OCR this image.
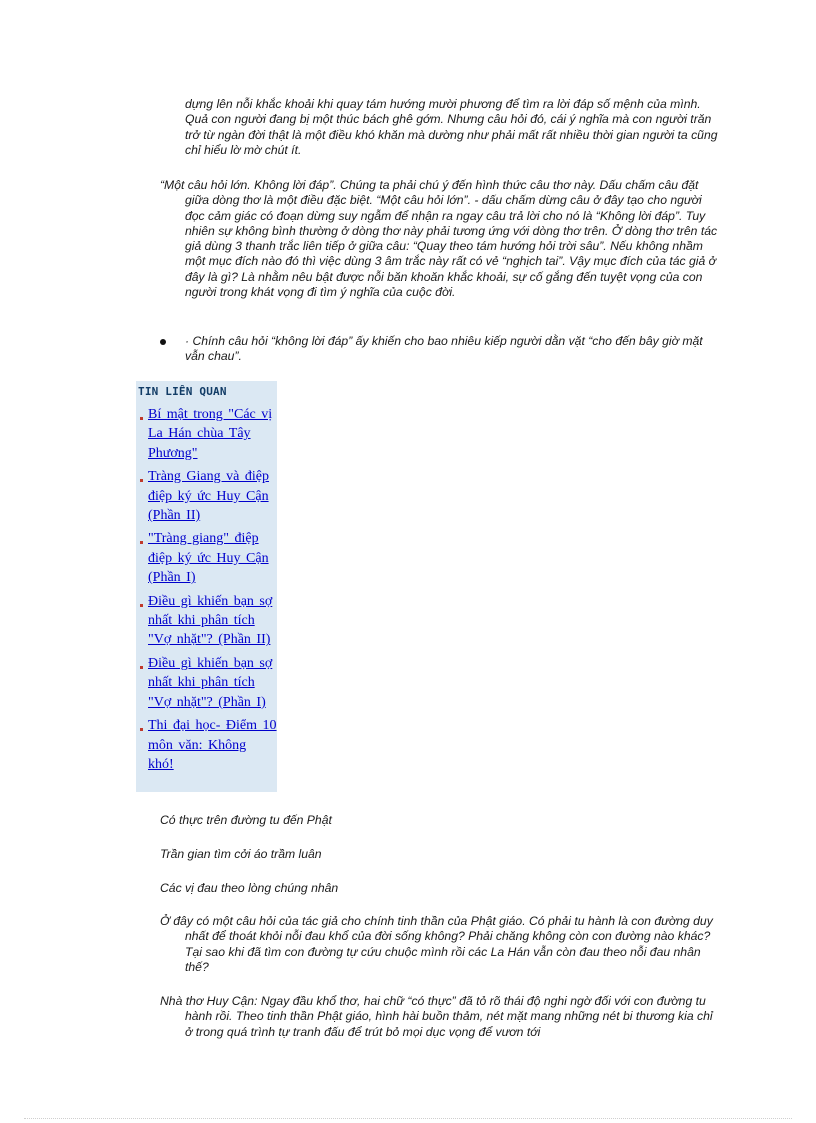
dựng lên nỗi khắc khoải khi quay tám hướng mười phương để tìm ra lời đáp số mệnh của mình. Quả con người đang bị một thúc bách ghê gớm. Nhưng câu hỏi đó, cái ý nghĩa mà con người trăn trở từ ngàn đời thật là một điều khó khăn mà dường như phải mất rất nhiều thời gian người ta cũng chỉ hiểu lờ mờ chút ít.

“Một câu hỏi lớn. Không lời đáp”. Chúng ta phải chú ý đến hình thức câu thơ này. Dấu chấm câu đặt giữa dòng thơ là một điều đặc biệt. “Một câu hỏi lớn”. - dấu chấm dừng câu ở đây tạo cho người đọc cảm giác có đoạn dừng suy ngẫm để nhận ra ngay câu trả lời cho nó là “Không lời đáp”. Tuy nhiên sự không bình thường ở dòng thơ này phải tương ứng với dòng thơ trên. Ở dòng thơ trên tác giả dùng 3 thanh trắc liên tiếp ở giữa câu: “Quay theo tám hướng hỏi trời sâu”. Nếu không nhầm một mục đích nào đó thì việc dùng 3 âm trắc này rất có vẻ “nghịch tai”. Vậy mục đích của tác giả ở đây là gì? Là nhằm nêu bật được nỗi băn khoăn khắc khoải, sự cố gắng đến tuyệt vọng của con người trong khát vọng đi tìm ý nghĩa của cuộc đời.

· Chính câu hỏi “không lời đáp” ấy khiến cho bao nhiêu kiếp người dằn vặt “cho đến bây giờ mặt vẫn chau”.

TIN LIÊN QUAN
Bí mật trong "Các vị La Hán chùa Tây Phương"
Tràng Giang và điệp điệp ký ức Huy Cận (Phần II)
"Tràng giang" điệp điệp ký ức Huy Cận (Phần I)
Điều gì khiến bạn sợ nhất khi phân tích "Vợ nhặt"? (Phần II)
Điều gì khiến bạn sợ nhất khi phân tích "Vợ nhặt"? (Phần I)
Thi đại học- Điểm 10 môn văn: Không khó!

Có thực trên đường tu đến Phật

Trần gian tìm cởi áo trầm luân

Các vị đau theo lòng chúng nhân

Ở đây có một câu hỏi của tác giả cho chính tinh thần của Phật giáo. Có phải tu hành là con đường duy nhất để thoát khỏi nỗi đau khổ của đời sống không? Phải chăng không còn con đường nào khác? Tại sao khi đã tìm con đường tự cứu chuộc mình rồi các La Hán vẫn còn đau theo nỗi đau nhân thế?

Nhà thơ Huy Cận: Ngay đầu khổ thơ, hai chữ “có thực” đã tỏ rõ thái độ nghi ngờ đối với con đường tu hành rồi. Theo tinh thần Phật giáo, hình hài buồn thảm, nét mặt mang những nét bi thương kia chỉ ở trong quá trình tự tranh đấu để trút bỏ mọi dục vọng để vươn tới
